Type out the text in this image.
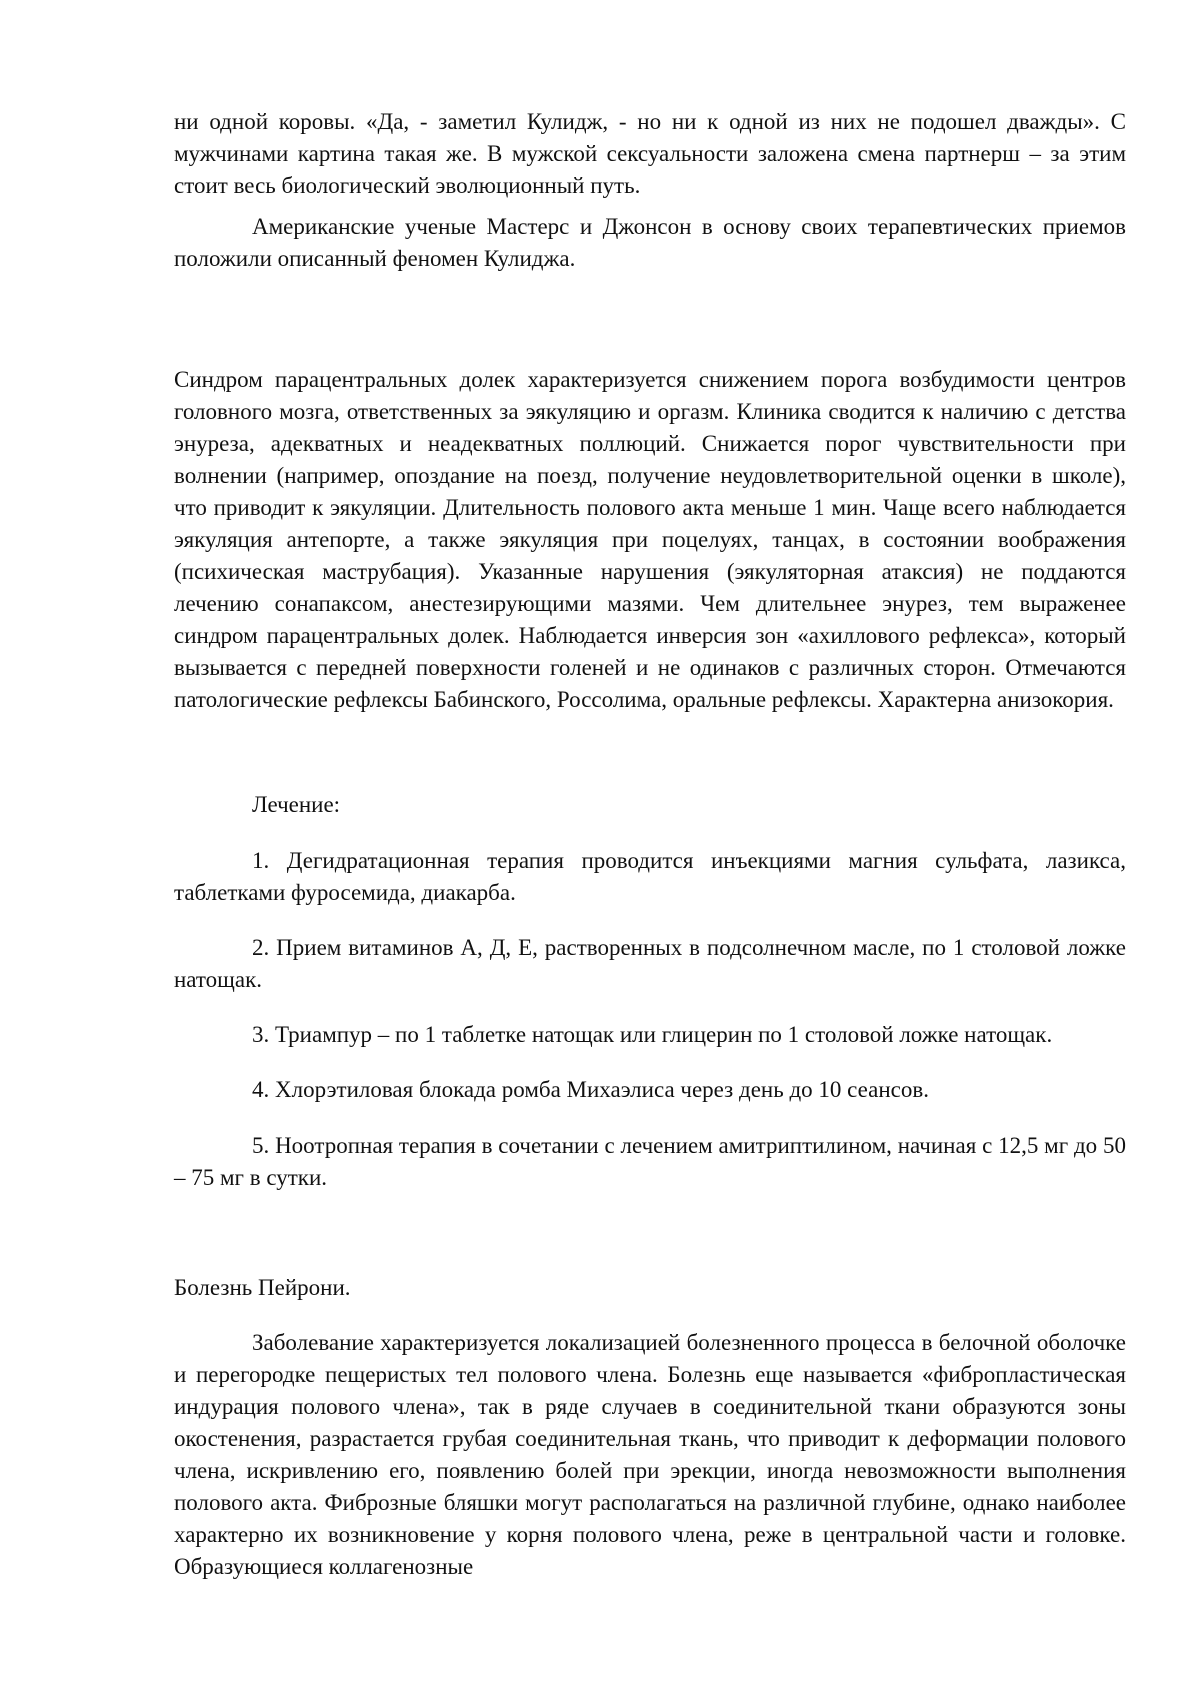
ни одной коровы. «Да, - заметил Кулидж, - но ни к одной из них не подошел дважды». С мужчинами картина такая же. В мужской сексуальности заложена смена партнерш – за этим стоит весь биологический эволюционный путь.

Американские ученые Мастерс и Джонсон в основу своих терапевтических приемов положили описанный феномен Кулиджа.

Синдром парацентральных долек характеризуется снижением порога возбудимости центров головного мозга, ответственных за эякуляцию и оргазм. Клиника сводится к наличию с детства энуреза, адекватных и неадекватных поллюций. Снижается порог чувствительности при волнении (например, опоздание на поезд, получение неудовлетворительной оценки в школе), что приводит к эякуляции. Длительность полового акта меньше 1 мин. Чаще всего наблюдается эякуляция антепорте, а также эякуляция при поцелуях, танцах, в состоянии воображения (психическая маструбация). Указанные нарушения (эякуляторная атаксия) не поддаются лечению сонапаксом, анестезирующими мазями. Чем длительнее энурез, тем выраженее синдром парацентральных долек. Наблюдается инверсия зон «ахиллового рефлекса», который вызывается с передней поверхности голеней и не одинаков с различных сторон. Отмечаются патологические рефлексы Бабинского, Россолима, оральные рефлексы. Характерна анизокория.

Лечение:

1. Дегидратационная терапия проводится инъекциями магния сульфата, лазикса, таблетками фуросемида, диакарба.

2. Прием витаминов А, Д, Е, растворенных в подсолнечном масле, по 1 столовой ложке натощак.

3. Триампур – по 1 таблетке натощак или глицерин по 1 столовой ложке натощак.

4. Хлорэтиловая блокада ромба Михаэлиса через день до 10 сеансов.

5. Ноотропная терапия в сочетании с лечением амитриптилином, начиная с 12,5 мг до 50 – 75 мг в сутки.

Болезнь Пейрони.

Заболевание характеризуется локализацией болезненного процесса в белочной оболочке и перегородке пещеристых тел полового члена. Болезнь еще называется «фибропластическая индурация полового члена», так в ряде случаев в соединительной ткани образуются зоны окостенения, разрастается грубая соединительная ткань, что приводит к деформации полового члена, искривлению его, появлению болей при эрекции, иногда невозможности выполнения полового акта. Фиброзные бляшки могут располагаться на различной глубине, однако наиболее характерно их возникновение у корня полового члена, реже в центральной части и головке. Образующиеся коллагенозные
